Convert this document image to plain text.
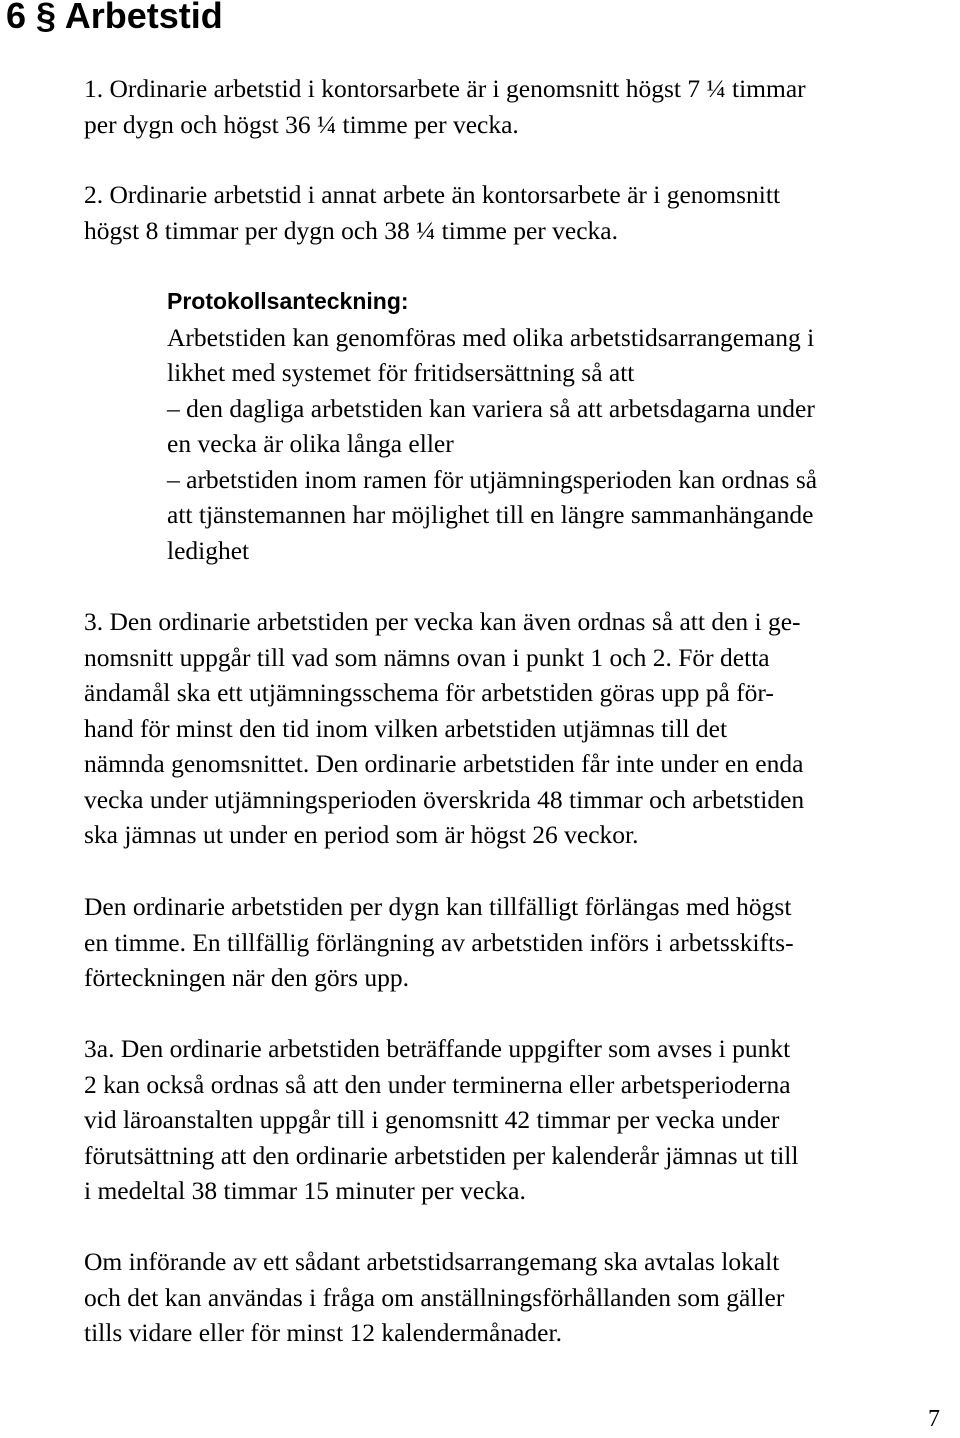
6 § Arbetstid
1. Ordinarie arbetstid i kontorsarbete är i genomsnitt högst 7 ¼ timmar
per dygn och högst 36 ¼ timme per vecka.
2. Ordinarie arbetstid i annat arbete än kontorsarbete är i genomsnitt
högst 8 timmar per dygn och 38 ¼ timme per vecka.
Protokollsanteckning:
Arbetstiden kan genomföras med olika arbetstidsarrangemang i
likhet med systemet för fritidsersättning så att
– den dagliga arbetstiden kan variera så att arbetsdagarna under
en vecka är olika långa eller
– arbetstiden inom ramen för utjämningsperioden kan ordnas så
att tjänstemannen har möjlighet till en längre sammanhängande
ledighet
3. Den ordinarie arbetstiden per vecka kan även ordnas så att den i ge-
nomsnitt uppgår till vad som nämns ovan i punkt 1 och 2. För detta
ändamål ska ett utjämningsschema för arbetstiden göras upp på för-
hand för minst den tid inom vilken arbetstiden utjämnas till det
nämnda genomsnittet. Den ordinarie arbetstiden får inte under en enda
vecka under utjämningsperioden överskrida 48 timmar och arbetstiden
ska jämnas ut under en period som är högst 26 veckor.
Den ordinarie arbetstiden per dygn kan tillfälligt förlängas med högst
en timme. En tillfällig förlängning av arbetstiden införs i arbetsskifts-
förteckningen när den görs upp.
3a. Den ordinarie arbetstiden beträffande uppgifter som avses i punkt
2 kan också ordnas så att den under terminerna eller arbetsperioderna
vid läroanstalten uppgår till i genomsnitt 42 timmar per vecka under
förutsättning att den ordinarie arbetstiden per kalenderår jämnas ut till
i medeltal 38 timmar 15 minuter per vecka.
Om införande av ett sådant arbetstidsarrangemang ska avtalas lokalt
och det kan användas i fråga om anställningsförhållanden som gäller
tills vidare eller för minst 12 kalendermånader.
7
